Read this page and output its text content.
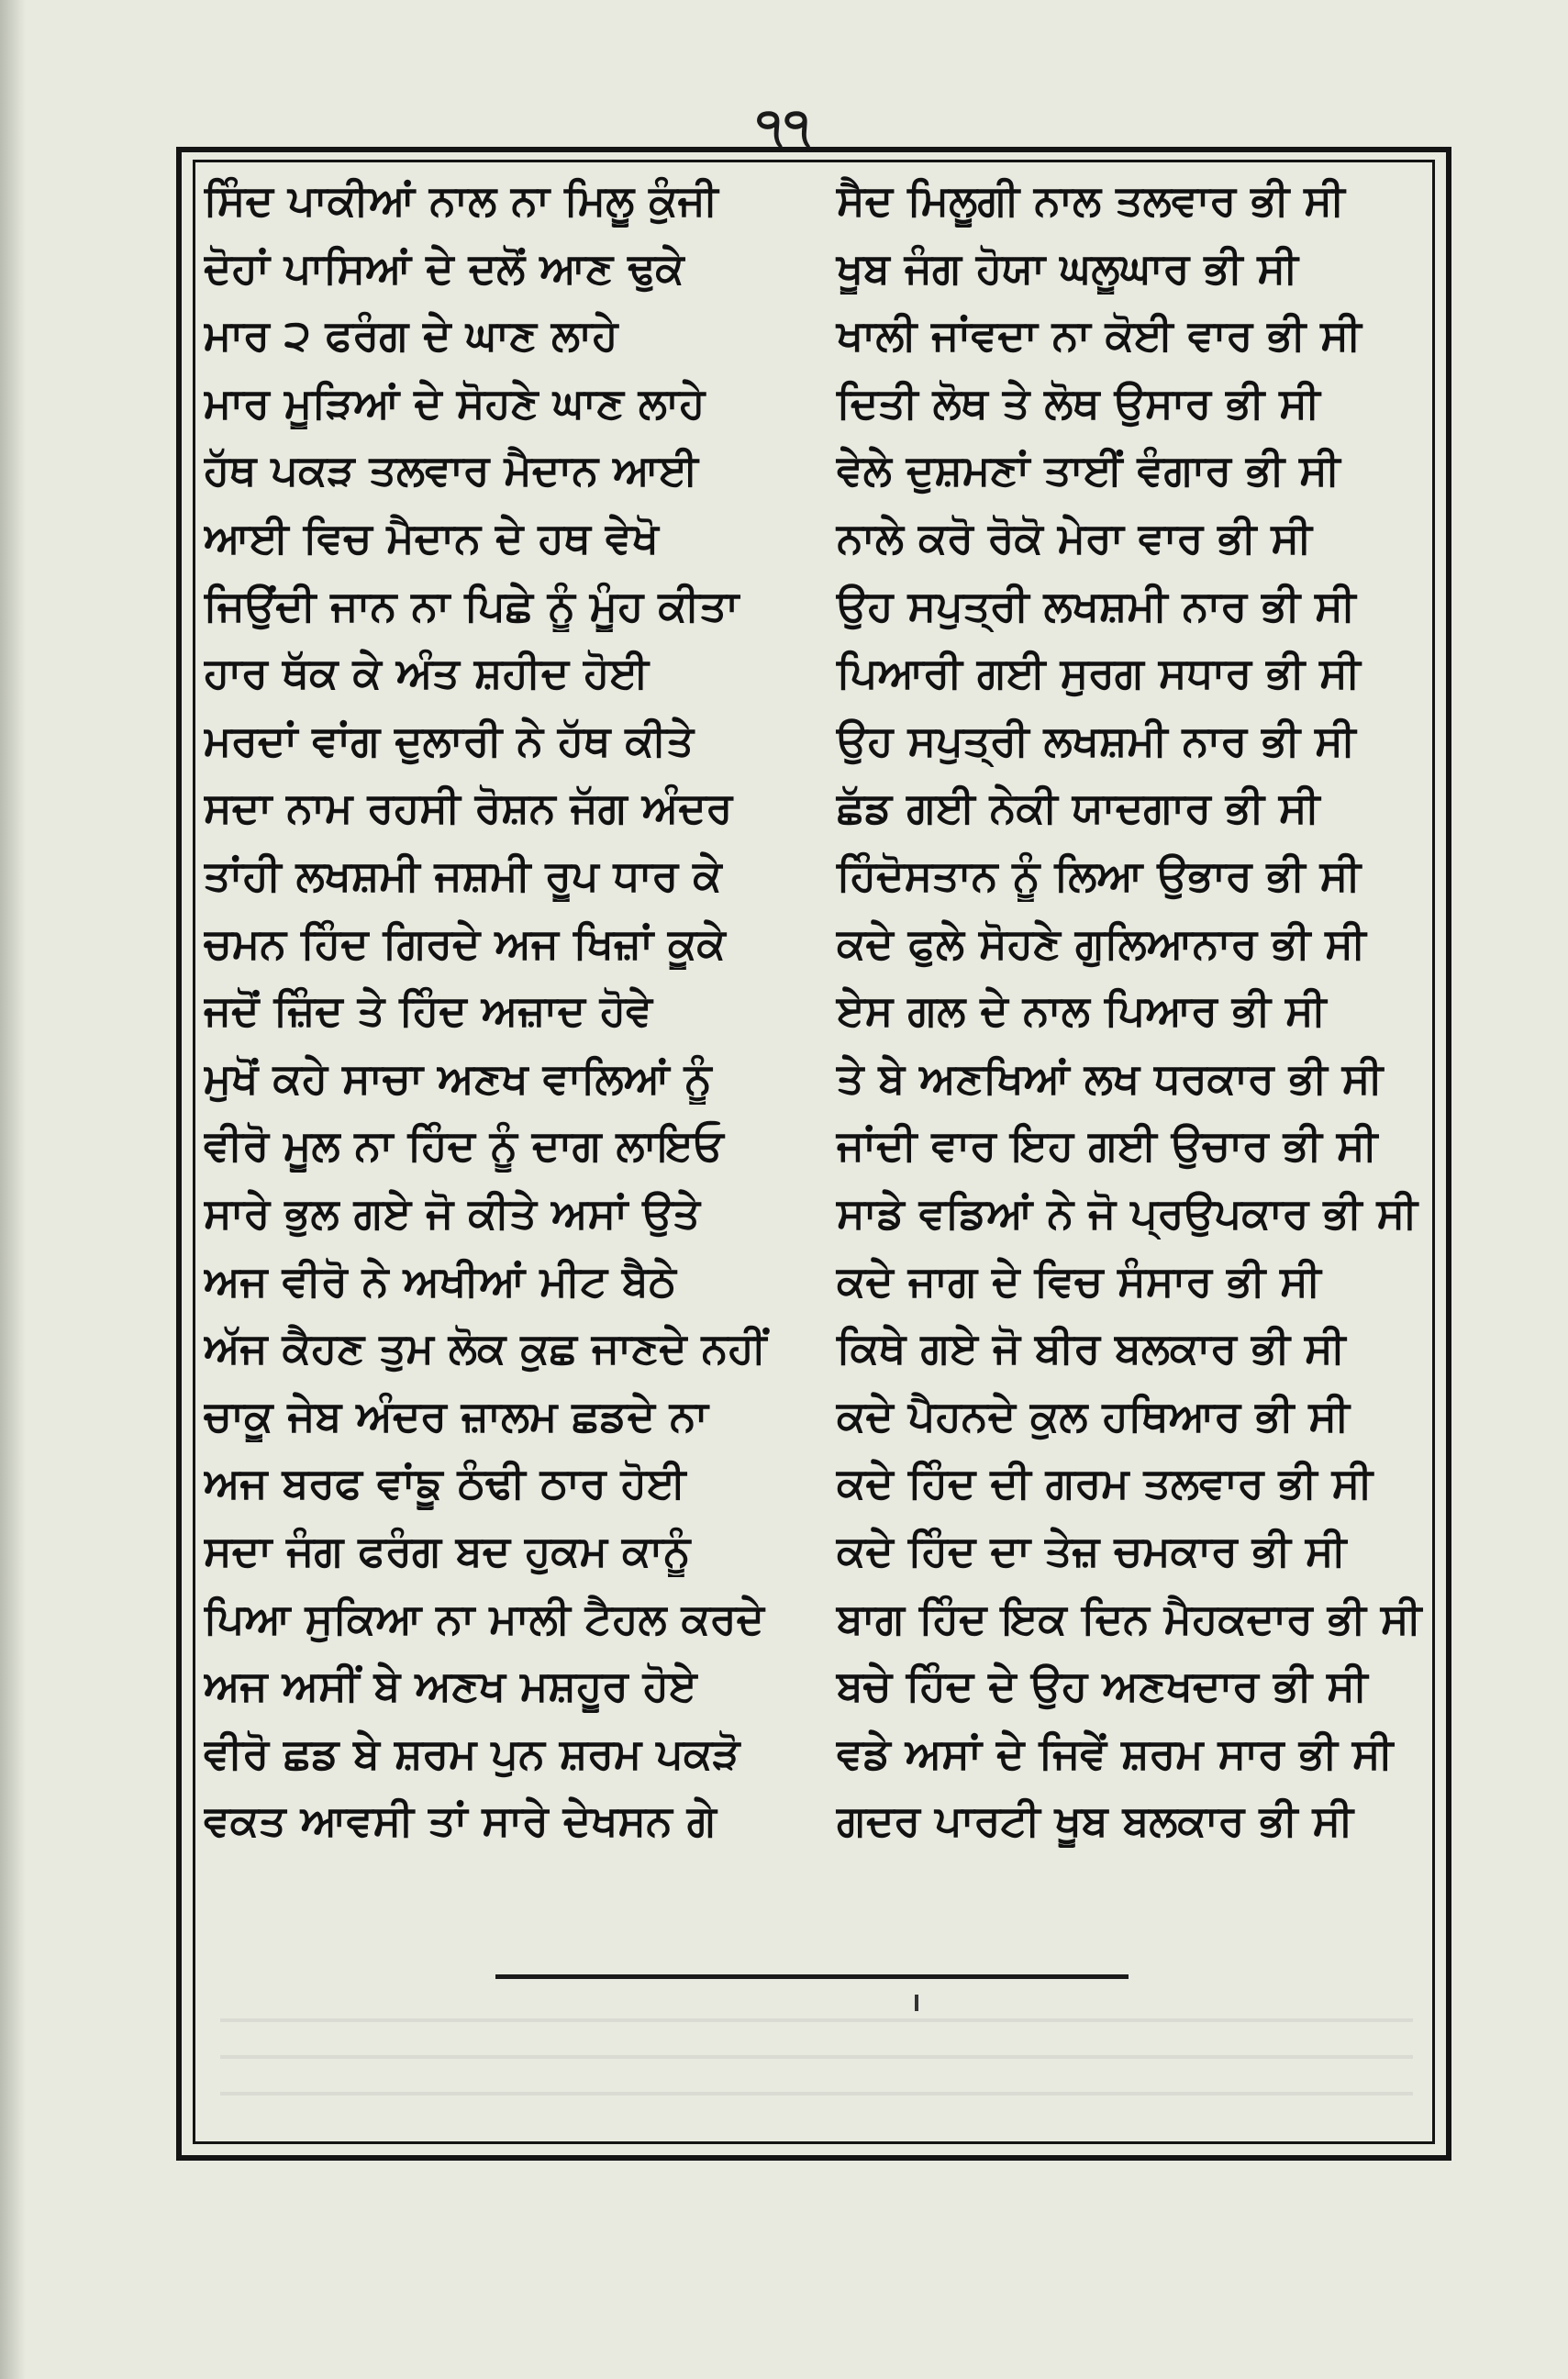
੧੧
ਸਿੰਦ ਪਾਕੀਆਂ ਨਾਲ ਨਾ ਮਿਲੂ ਕੁੰਜੀ	ਸੈਦ ਮਿਲੂਗੀ ਨਾਲ ਤਲਵਾਰ ਭੀ ਸੀ
ਦੋਹਾਂ ਪਾਸਿਆਂ ਦੇ ਦਲੋਂ ਆਣ ਢੁਕੇ	ਖੂਬ ਜੰਗ ਹੋਯਾ ਘਲੂਘਾਰ ਭੀ ਸੀ
ਮਾਰ ੨ ਫਰੰਗ ਦੇ ਘਾਣ ਲਾਹੇ	ਖਾਲੀ ਜਾਂਵਦਾ ਨਾ ਕੋਈ ਵਾਰ ਭੀ ਸੀ
ਮਾਰ ਮੂੜਿਆਂ ਦੇ ਸੋਹਣੇ ਘਾਣ ਲਾਹੇ	ਦਿਤੀ ਲੋਥ ਤੇ ਲੋਥ ਉਸਾਰ ਭੀ ਸੀ
ਹੱਥ ਪਕੜ ਤਲਵਾਰ ਮੈਦਾਨ ਆਈ	ਵੇਲੇ ਦੁਸ਼ਮਣਾਂ ਤਾਈਂ ਵੰਗਾਰ ਭੀ ਸੀ
ਆਈ ਵਿਚ ਮੈਦਾਨ ਦੇ ਹਥ ਵੇਖੋ	ਨਾਲੇ ਕਰੋ ਰੋਕੋ ਮੇਰਾ ਵਾਰ ਭੀ ਸੀ
ਜਿਉਂਦੀ ਜਾਨ ਨਾ ਪਿਛੇ ਨੂੰ ਮੂੰਹ ਕੀਤਾ	ਉਹ ਸਪੁਤ੍ਰੀ ਲਖਸ਼ਮੀ ਨਾਰ ਭੀ ਸੀ
ਹਾਰ ਥੱਕ ਕੇ ਅੰਤ ਸ਼ਹੀਦ ਹੋਈ	ਪਿਆਰੀ ਗਈ ਸੁਰਗ ਸਧਾਰ ਭੀ ਸੀ
ਮਰਦਾਂ ਵਾਂਗ ਦੁਲਾਰੀ ਨੇ ਹੱਥ ਕੀਤੇ	ਉਹ ਸਪੁਤ੍ਰੀ ਲਖਸ਼ਮੀ ਨਾਰ ਭੀ ਸੀ
ਸਦਾ ਨਾਮ ਰਹਸੀ ਰੋਸ਼ਨ ਜੱਗ ਅੰਦਰ	ਛੱਡ ਗਈ ਨੇਕੀ ਯਾਦਗਾਰ ਭੀ ਸੀ
ਤਾਂਹੀ ਲਖਸ਼ਮੀ ਜਸ਼ਮੀ ਰੂਪ ਧਾਰ ਕੇ	ਹਿੰਦੋਸਤਾਨ ਨੂੰ ਲਿਆ ਉਭਾਰ ਭੀ ਸੀ
ਚਮਨ ਹਿੰਦ ਗਿਰਦੇ ਅਜ ਖਿਜ਼ਾਂ ਕੂਕੇ	ਕਦੇ ਫੁਲੇ ਸੋਹਣੇ ਗੁਲਿਆਨਾਰ ਭੀ ਸੀ
ਜਦੋਂ ਜ਼ਿੰਦ ਤੇ ਹਿੰਦ ਅਜ਼ਾਦ ਹੋਵੇ	ਏਸ ਗਲ ਦੇ ਨਾਲ ਪਿਆਰ ਭੀ ਸੀ
ਮੁਖੋਂ ਕਹੇ ਸਾਚਾ ਅਣਖ ਵਾਲਿਆਂ ਨੂੰ	ਤੇ ਬੇ ਅਣਖਿਆਂ ਲਖ ਧਰਕਾਰ ਭੀ ਸੀ
ਵੀਰੋ ਮੂਲ ਨਾ ਹਿੰਦ ਨੂੰ ਦਾਗ ਲਾਇਓ	ਜਾਂਦੀ ਵਾਰ ਇਹ ਗਈ ਉਚਾਰ ਭੀ ਸੀ
ਸਾਰੇ ਭੁਲ ਗਏ ਜੋ ਕੀਤੇ ਅਸਾਂ ਉਤੇ	ਸਾਡੇ ਵਡਿਆਂ ਨੇ ਜੋ ਪ੍ਰਉਪਕਾਰ ਭੀ ਸੀ
ਅਜ ਵੀਰੋ ਨੇ ਅਖੀਆਂ ਮੀਟ ਬੈਠੇ	ਕਦੇ ਜਾਗ ਦੇ ਵਿਚ ਸੰਸਾਰ ਭੀ ਸੀ
ਅੱਜ ਕੈਹਣ ਤੁਮ ਲੋਕ ਕੁਛ ਜਾਣਦੇ ਨਹੀਂ	ਕਿਥੇ ਗਏ ਜੋ ਬੀਰ ਬਲਕਾਰ ਭੀ ਸੀ
ਚਾਕੂ ਜੇਬ ਅੰਦਰ ਜ਼ਾਲਮ ਛਡਦੇ ਨਾ	ਕਦੇ ਪੈਹਨਦੇ ਕੁਲ ਹਥਿਆਰ ਭੀ ਸੀ
ਅਜ ਬਰਫ ਵਾਂਙੂ ਠੰਢੀ ਠਾਰ ਹੋਈ	ਕਦੇ ਹਿੰਦ ਦੀ ਗਰਮ ਤਲਵਾਰ ਭੀ ਸੀ
ਸਦਾ ਜੰਗ ਫਰੰਗ ਬਦ ਹੁਕਮ ਕਾਨੂੰ	ਕਦੇ ਹਿੰਦ ਦਾ ਤੇਜ਼ ਚਮਕਾਰ ਭੀ ਸੀ
ਪਿਆ ਸੁਕਿਆ ਨਾ ਮਾਲੀ ਟੈਹਲ ਕਰਦੇ	ਬਾਗ ਹਿੰਦ ਇਕ ਦਿਨ ਮੈਹਕਦਾਰ ਭੀ ਸੀ
ਅਜ ਅਸੀਂ ਬੇ ਅਣਖ ਮਸ਼ਹੂਰ ਹੋਏ	ਬਚੇ ਹਿੰਦ ਦੇ ਉਹ ਅਣਖਦਾਰ ਭੀ ਸੀ
ਵੀਰੋ ਛਡ ਬੇ ਸ਼ਰਮ ਪੁਨ ਸ਼ਰਮ ਪਕੜੋ	ਵਡੇ ਅਸਾਂ ਦੇ ਜਿਵੇਂ ਸ਼ਰਮ ਸਾਰ ਭੀ ਸੀ
ਵਕਤ ਆਵਸੀ ਤਾਂ ਸਾਰੇ ਦੇਖਸਨ ਗੇ	ਗਦਰ ਪਾਰਟੀ ਖੂਬ ਬਲਕਾਰ ਭੀ ਸੀ
